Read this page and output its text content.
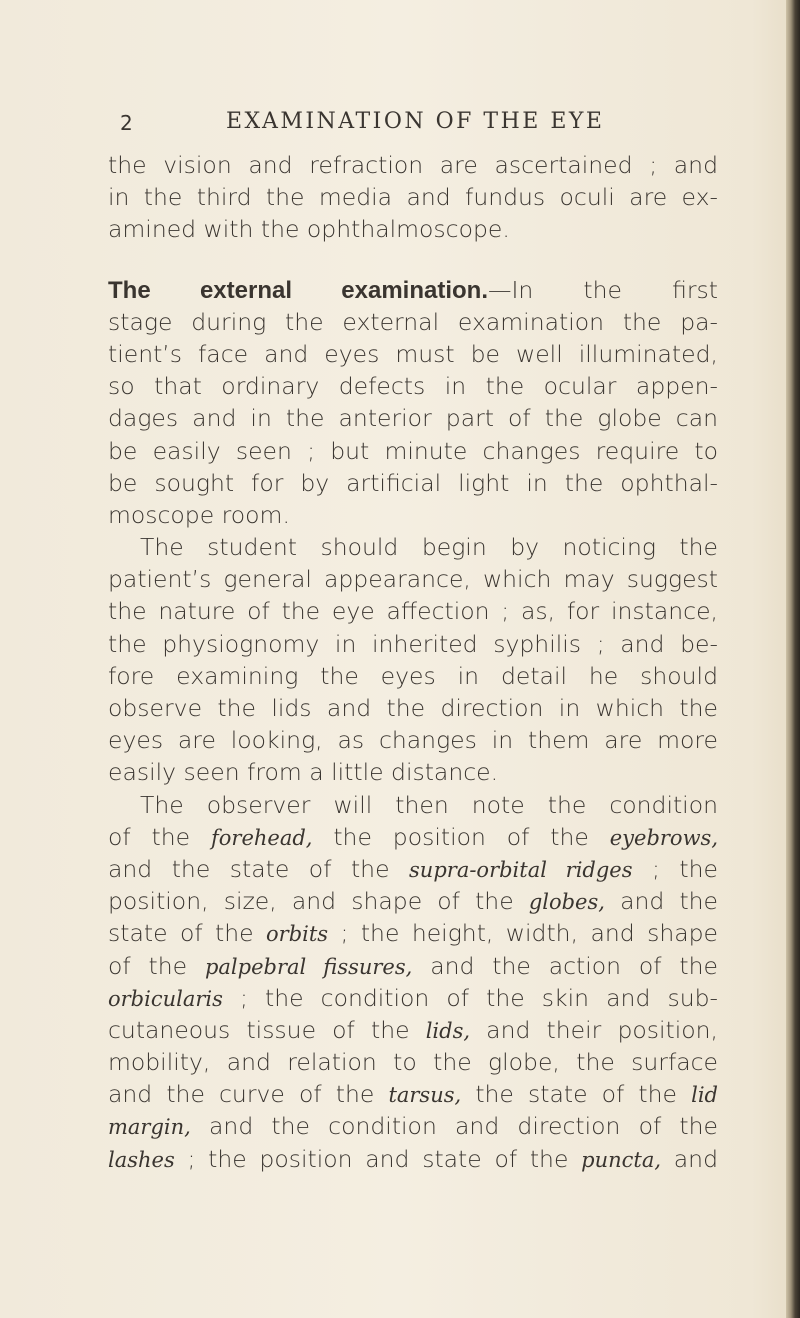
2	EXAMINATION OF THE EYE
the vision and refraction are ascertained ; and
in the third the media and fundus oculi are ex-
amined with the ophthalmoscope.
The external examination.—In the first
stage during the external examination the pa-
tient’s face and eyes must be well illuminated,
so that ordinary defects in the ocular appen-
dages and in the anterior part of the globe can
be easily seen ; but minute changes require to
be sought for by artificial light in the ophthal-
moscope room.
The student should begin by noticing the
patient’s general appearance, which may suggest
the nature of the eye affection ; as, for instance,
the physiognomy in inherited syphilis ; and be-
fore examining the eyes in detail he should
observe the lids and the direction in which the
eyes are looking, as changes in them are more
easily seen from a little distance.
The observer will then note the condition
of the forehead, the position of the eyebrows,
and the state of the supra-orbital ridges ; the
position, size, and shape of the globes, and the
state of the orbits ; the height, width, and shape
of the palpebral fissures, and the action of the
orbicularis ; the condition of the skin and sub-
cutaneous tissue of the lids, and their position,
mobility, and relation to the globe, the surface
and the curve of the tarsus, the state of the lid
margin, and the condition and direction of the
lashes ; the position and state of the puncta, and
